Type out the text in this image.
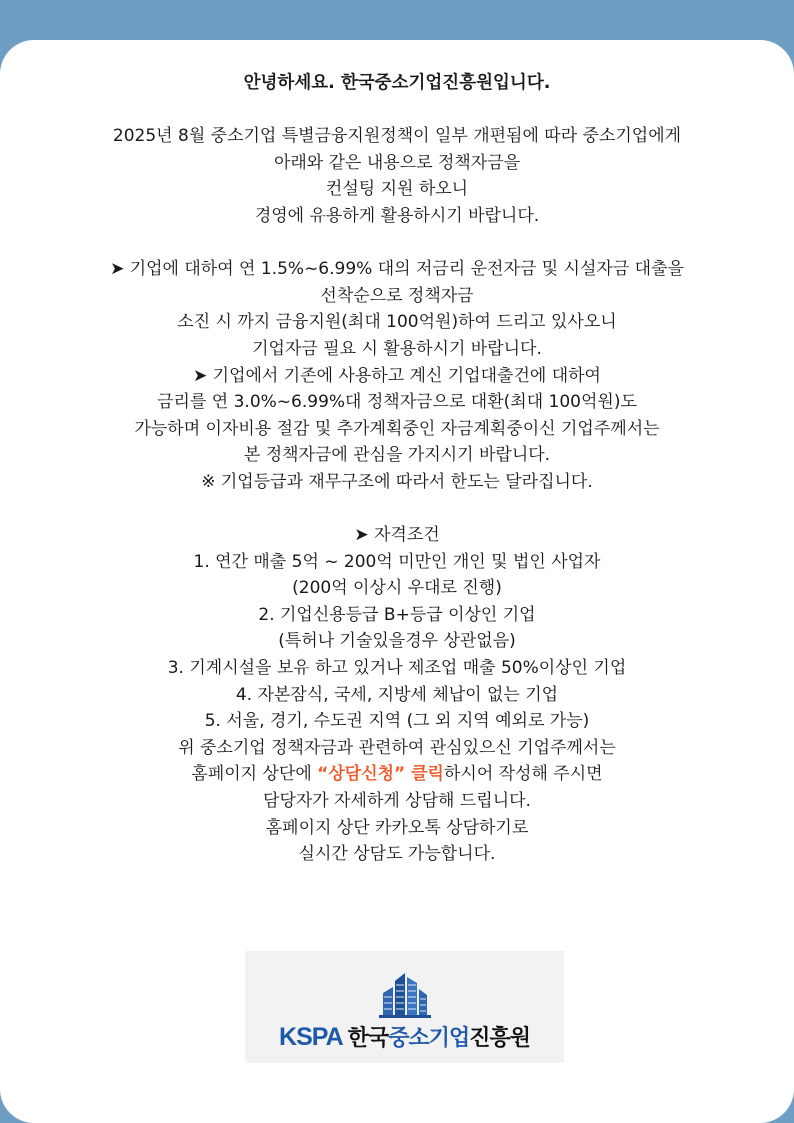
안녕하세요. 한국중소기업진흥원입니다.

2025년 8월 중소기업 특별금융지원정책이 일부 개편됨에 따라 중소기업에게

아래와 같은 내용으로 정책자금을

컨설팅 지원 하오니

경영에 유용하게 활용하시기 바랍니다.

➤ 기업에 대하여 연 1.5%~6.99% 대의 저금리 운전자금 및 시설자금 대출을

선착순으로 정책자금

소진 시 까지 금융지원(최대 100억원)하여 드리고 있사오니

기업자금 필요 시 활용하시기 바랍니다.

➤ 기업에서 기존에 사용하고 계신 기업대출건에 대하여

금리를 연 3.0%~6.99%대 정책자금으로 대환(최대 100억원)도

가능하며 이자비용 절감 및 추가계획중인 자금계획중이신 기업주께서는

본 정책자금에 관심을 가지시기 바랍니다.

※ 기업등급과 재무구조에 따라서 한도는 달라집니다.

➤ 자격조건

1. 연간 매출 5억 ~ 200억 미만인 개인 및 법인 사업자

(200억 이상시 우대로 진행)

2. 기업신용등급 B+등급 이상인 기업

(특허나 기술있을경우 상관없음)

3. 기계시설을 보유 하고 있거나 제조업 매출 50%이상인 기업

4. 자본잠식, 국세, 지방세 체납이 없는 기업

5. 서울, 경기, 수도권 지역 (그 외 지역 예외로 가능)

위 중소기업 정책자금과 관련하여 관심있으신 기업주께서는

홈페이지 상단에 “상담신청” 클릭하시어 작성해 주시면

담당자가 자세하게 상담해 드립니다.

홈페이지 상단 카카오톡 상담하기로

실시간 상담도 가능합니다.

KSPA 한국중소기업진흥원
